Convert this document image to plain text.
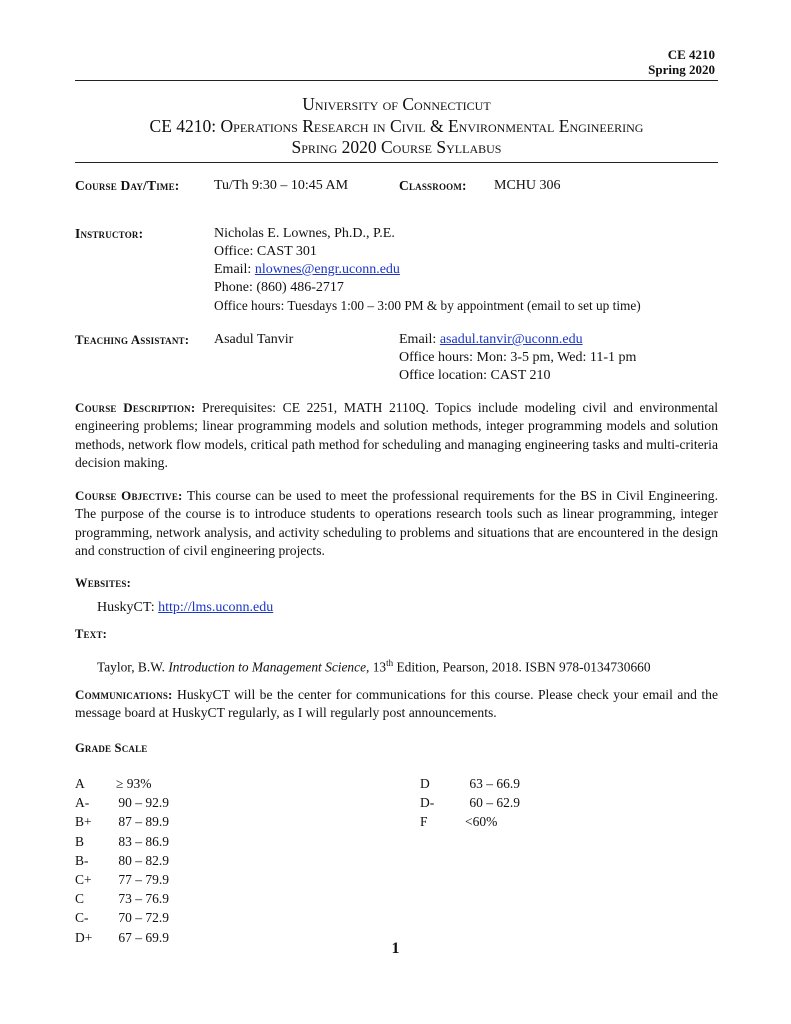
CE 4210
Spring 2020
University of Connecticut
CE 4210: Operations Research in Civil & Environmental Engineering
Spring 2020 Course Syllabus
Course Day/Time: Tu/Th 9:30 – 10:45 AM	Classroom: MCHU 306
Instructor:	Nicholas E. Lownes, Ph.D., P.E.
Office: CAST 301
Email: nlownes@engr.uconn.edu
Phone: (860) 486-2717
Office hours: Tuesdays 1:00 – 3:00 PM & by appointment (email to set up time)
Teaching Assistant: Asadul Tanvir	Email: asadul.tanvir@uconn.edu
Office hours: Mon: 3-5 pm, Wed: 11-1 pm
Office location: CAST 210
Course Description: Prerequisites: CE 2251, MATH 2110Q. Topics include modeling civil and environmental engineering problems; linear programming models and solution methods, integer programming models and solution methods, network flow models, critical path method for scheduling and managing engineering tasks and multi-criteria decision making.
Course Objective: This course can be used to meet the professional requirements for the BS in Civil Engineering. The purpose of the course is to introduce students to operations research tools such as linear programming, integer programming, network analysis, and activity scheduling to problems and situations that are encountered in the design and construction of civil engineering projects.
Websites:
HuskyCT: http://lms.uconn.edu
Text:
Taylor, B.W. Introduction to Management Science, 13th Edition, Pearson, 2018. ISBN 978-0134730660
Communications: HuskyCT will be the center for communications for this course. Please check your email and the message board at HuskyCT regularly, as I will regularly post announcements.
Grade Scale
A ≥ 93%
A-	90 – 92.9
B+	87 – 89.9
B	83 – 86.9
B-	80 – 82.9
C+	77 – 79.9
C	73 – 76.9
C-	70 – 72.9
D+	67 – 69.9
D	63 – 66.9
D-	60 – 62.9
F	<60%
1
